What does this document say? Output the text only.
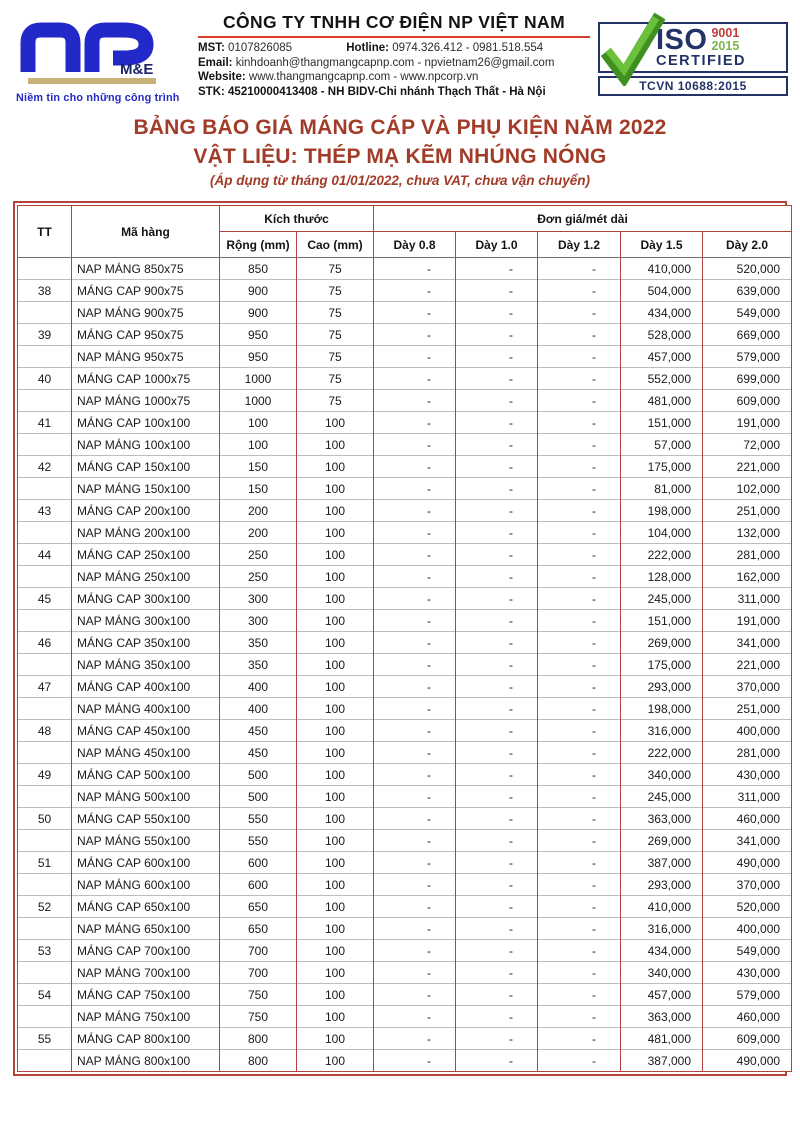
M&E
Niềm tin cho những công trình
CÔNG TY TNHH CƠ ĐIỆN NP VIỆT NAM
MST: 0107826085	Hotline: 0974.326.412 - 0981.518.554
Email: kinhdoanh@thangmangcapnp.com - npvietnam26@gmail.com
Website: www.thangmangcapnp.com - www.npcorp.vn
STK: 45210000413408 - NH BIDV-Chi nhánh Thạch Thất - Hà Nội
ISO 9001
2015
CERTIFIED
TCVN 10688:2015
BẢNG BÁO GIÁ MÁNG CÁP VÀ PHỤ KIỆN NĂM 2022
VẬT LIỆU: THÉP MẠ KẼM NHÚNG NÓNG
(Áp dụng từ tháng 01/01/2022, chưa VAT, chưa vận chuyển)
TT	Mã hàng	Kích thước		Đơn giá/mét dài				
		Rộng (mm)	Cao (mm)	Dày 0.8	Dày 1.0	Dày 1.2	Dày 1.5	Dày 2.0
	NAP MÁNG 850x75	850	75	-	-	-	410,000	520,000
38	MÁNG CAP 900x75	900	75	-	-	-	504,000	639,000
	NAP MÁNG 900x75	900	75	-	-	-	434,000	549,000
39	MÁNG CAP 950x75	950	75	-	-	-	528,000	669,000
	NAP MÁNG 950x75	950	75	-	-	-	457,000	579,000
40	MÁNG CAP 1000x75	1000	75	-	-	-	552,000	699,000
	NAP MÁNG 1000x75	1000	75	-	-	-	481,000	609,000
41	MÁNG CAP 100x100	100	100	-	-	-	151,000	191,000
	NAP MÁNG 100x100	100	100	-	-	-	57,000	72,000
42	MÁNG CAP 150x100	150	100	-	-	-	175,000	221,000
	NAP MÁNG 150x100	150	100	-	-	-	81,000	102,000
43	MÁNG CAP 200x100	200	100	-	-	-	198,000	251,000
	NAP MÁNG 200x100	200	100	-	-	-	104,000	132,000
44	MÁNG CAP 250x100	250	100	-	-	-	222,000	281,000
	NAP MÁNG 250x100	250	100	-	-	-	128,000	162,000
45	MÁNG CAP 300x100	300	100	-	-	-	245,000	311,000
	NAP MÁNG 300x100	300	100	-	-	-	151,000	191,000
46	MÁNG CAP 350x100	350	100	-	-	-	269,000	341,000
	NAP MÁNG 350x100	350	100	-	-	-	175,000	221,000
47	MÁNG CAP 400x100	400	100	-	-	-	293,000	370,000
	NAP MÁNG 400x100	400	100	-	-	-	198,000	251,000
48	MÁNG CAP 450x100	450	100	-	-	-	316,000	400,000
	NAP MÁNG 450x100	450	100	-	-	-	222,000	281,000
49	MÁNG CAP 500x100	500	100	-	-	-	340,000	430,000
	NAP MÁNG 500x100	500	100	-	-	-	245,000	311,000
50	MÁNG CAP 550x100	550	100	-	-	-	363,000	460,000
	NAP MÁNG 550x100	550	100	-	-	-	269,000	341,000
51	MÁNG CAP 600x100	600	100	-	-	-	387,000	490,000
	NAP MÁNG 600x100	600	100	-	-	-	293,000	370,000
52	MÁNG CAP 650x100	650	100	-	-	-	410,000	520,000
	NAP MÁNG 650x100	650	100	-	-	-	316,000	400,000
53	MÁNG CAP 700x100	700	100	-	-	-	434,000	549,000
	NAP MÁNG 700x100	700	100	-	-	-	340,000	430,000
54	MÁNG CAP 750x100	750	100	-	-	-	457,000	579,000
	NAP MÁNG 750x100	750	100	-	-	-	363,000	460,000
55	MÁNG CAP 800x100	800	100	-	-	-	481,000	609,000
	NAP MÁNG 800x100	800	100	-	-	-	387,000	490,000
